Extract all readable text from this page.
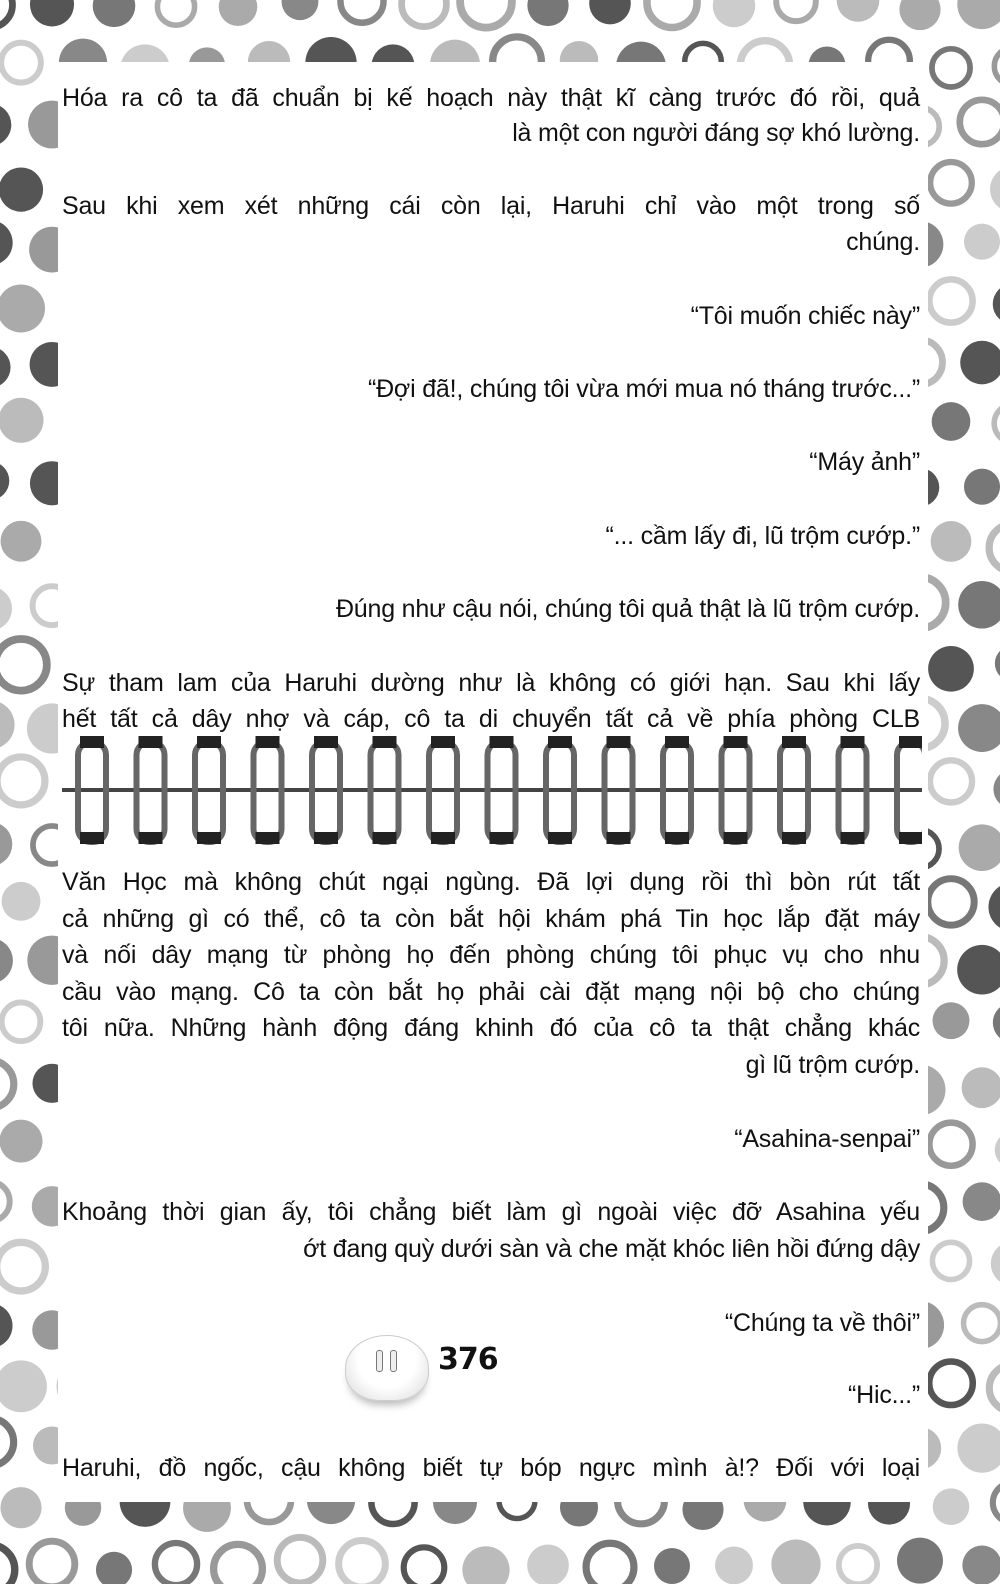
Hóa ra cô ta đã chuẩn bị kế hoạch này thật kĩ càng trước đó rồi, quả
là một con người đáng sợ khó lường.
Sau khi xem xét những cái còn lại, Haruhi chỉ vào một trong số
chúng.
“Tôi muốn chiếc này”
“Đợi đã!, chúng tôi vừa mới mua nó tháng trước...”
“Máy ảnh”
“... cầm lấy đi, lũ trộm cướp.”
Đúng như cậu nói, chúng tôi quả thật là lũ trộm cướp.
Sự tham lam của Haruhi dường như là không có giới hạn. Sau khi lấy
hết tất cả dây nhợ và cáp, cô ta di chuyển tất cả về phía phòng CLB
Văn Học mà không chút ngại ngùng. Đã lợi dụng rồi thì bòn rút tất
cả những gì có thể, cô ta còn bắt hội khám phá Tin học lắp đặt máy
và nối dây mạng từ phòng họ đến phòng chúng tôi phục vụ cho nhu
cầu vào mạng. Cô ta còn bắt họ phải cài đặt mạng nội bộ cho chúng
tôi nữa. Những hành động đáng khinh đó của cô ta thật chẳng khác
gì lũ trộm cướp.
“Asahina-senpai”
Khoảng thời gian ấy, tôi chẳng biết làm gì ngoài việc đỡ Asahina yếu
ớt đang quỳ dưới sàn và che mặt khóc liên hồi đứng dậy
“Chúng ta về thôi”
“Hic...”
Haruhi, đồ ngốc, cậu không biết tự bóp ngực mình à!? Đối với loại
376
